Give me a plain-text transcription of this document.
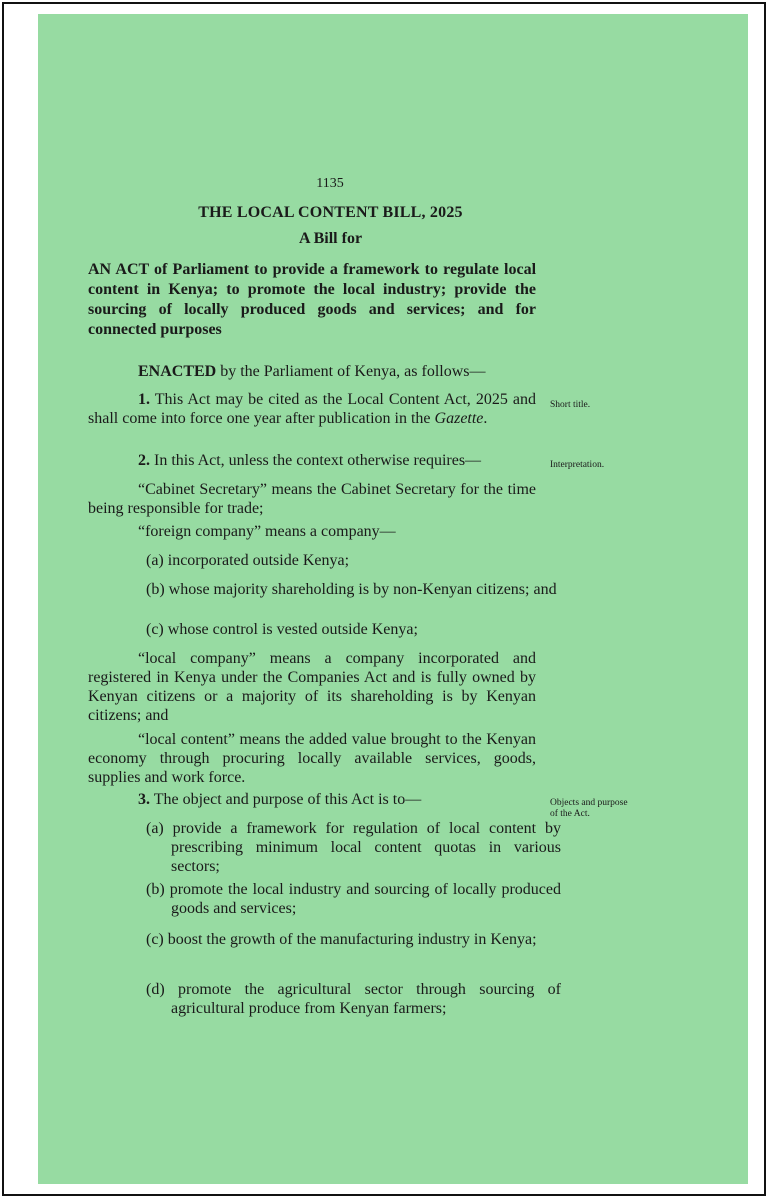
1135
THE LOCAL CONTENT BILL, 2025
A Bill for
AN ACT of Parliament to provide a framework to regulate local content in Kenya; to promote the local industry; provide the sourcing of locally produced goods and services; and for connected purposes
ENACTED by the Parliament of Kenya, as follows—
1. This Act may be cited as the Local Content Act, 2025 and shall come into force one year after publication in the Gazette.
Short title.
2. In this Act, unless the context otherwise requires—	Interpretation.
“Cabinet Secretary” means the Cabinet Secretary for the time being responsible for trade;
“foreign company” means a company—
(a) incorporated outside Kenya;
(b) whose majority shareholding is by non-Kenyan citizens; and
(c) whose control is vested outside Kenya;
“local company” means a company incorporated and registered in Kenya under the Companies Act and is fully owned by Kenyan citizens or a majority of its shareholding is by Kenyan citizens; and
“local content” means the added value brought to the Kenyan economy through procuring locally available services, goods, supplies and work force.
3. The object and purpose of this Act is to—	Objects and purpose of the Act.
(a) provide a framework for regulation of local content by prescribing minimum local content quotas in various sectors;
(b) promote the local industry and sourcing of locally produced goods and services;
(c) boost the growth of the manufacturing industry in Kenya;
(d) promote the agricultural sector through sourcing of agricultural produce from Kenyan farmers;
